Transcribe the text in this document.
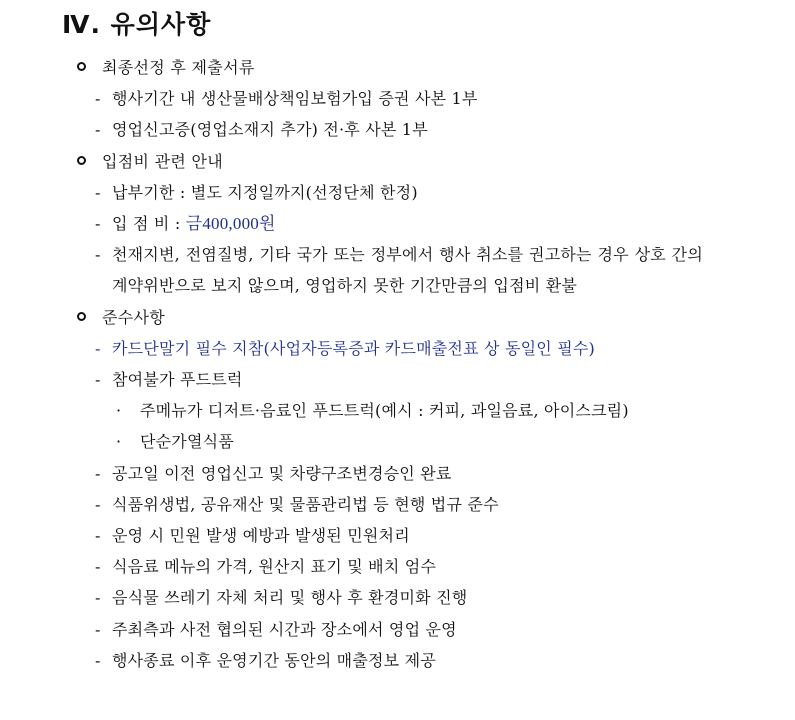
Ⅳ. 유의사항
최종선정 후 제출서류
- 행사기간 내 생산물배상책임보험가입 증권 사본 1부
- 영업신고증(영업소재지 추가) 전·후 사본 1부
입점비 관련 안내
- 납부기한 : 별도 지정일까지(선정단체 한정)
- 입 점 비 : 금400,000원
- 천재지변, 전염질병, 기타 국가 또는 정부에서 행사 취소를 권고하는 경우 상호 간의 계약위반으로 보지 않으며, 영업하지 못한 기간만큼의 입점비 환불
준수사항
- 카드단말기 필수 지참(사업자등록증과 카드매출전표 상 동일인 필수)
- 참여불가 푸드트럭
· 주메뉴가 디저트·음료인 푸드트럭(예시 : 커피, 과일음료, 아이스크림)
· 단순가열식품
- 공고일 이전 영업신고 및 차량구조변경승인 완료
- 식품위생법, 공유재산 및 물품관리법 등 현행 법규 준수
- 운영 시 민원 발생 예방과 발생된 민원처리
- 식음료 메뉴의 가격, 원산지 표기 및 배치 엄수
- 음식물 쓰레기 자체 처리 및 행사 후 환경미화 진행
- 주최측과 사전 협의된 시간과 장소에서 영업 운영
- 행사종료 이후 운영기간 동안의 매출정보 제공
